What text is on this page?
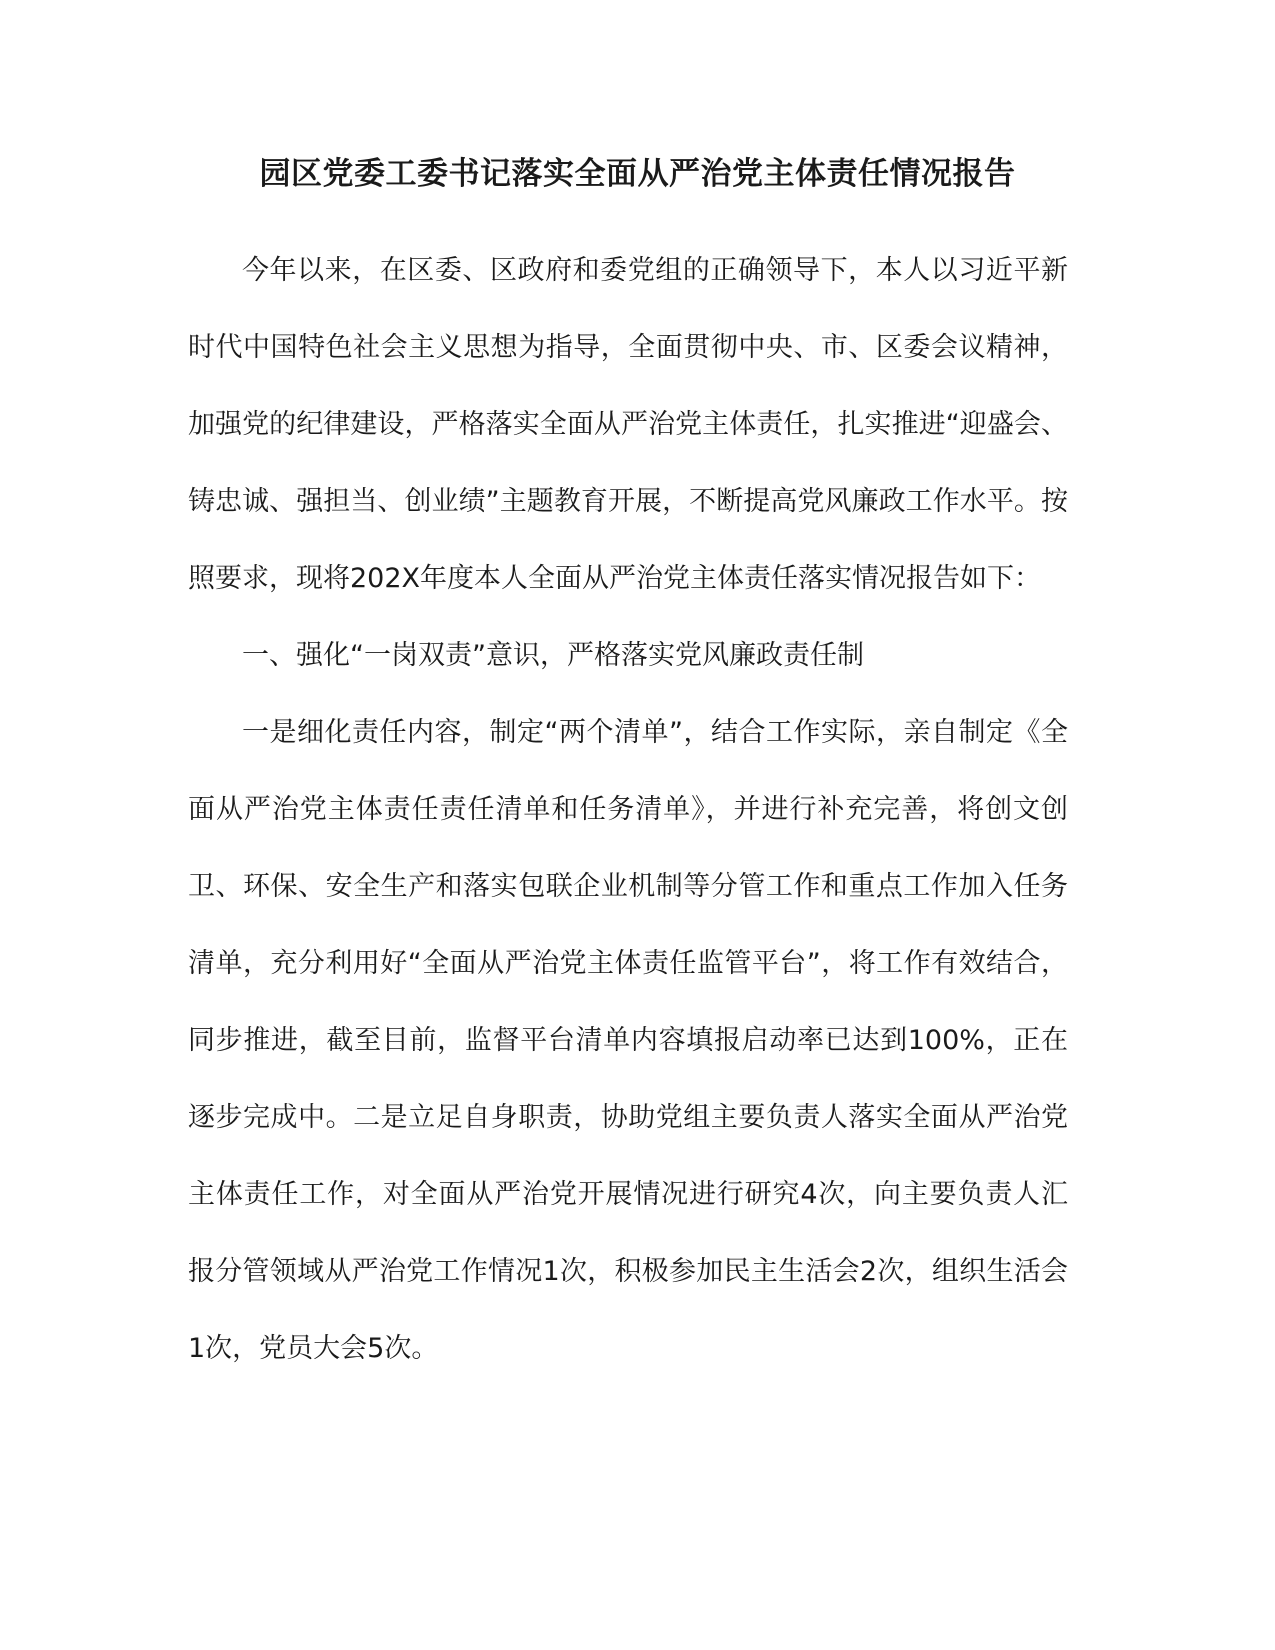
园区党委工委书记落实全面从严治党主体责任情况报告

今年以来，在区委、区政府和委党组的正确领导下，本人以习近平新时代中国特色社会主义思想为指导，全面贯彻中央、市、区委会议精神，加强党的纪律建设，严格落实全面从严治党主体责任，扎实推进“迎盛会、铸忠诚、强担当、创业绩”主题教育开展，不断提高党风廉政工作水平。按照要求，现将202X年度本人全面从严治党主体责任落实情况报告如下：

一、强化“一岗双责”意识，严格落实党风廉政责任制

一是细化责任内容，制定“两个清单”，结合工作实际，亲自制定《全面从严治党主体责任责任清单和任务清单》，并进行补充完善，将创文创卫、环保、安全生产和落实包联企业机制等分管工作和重点工作加入任务清单，充分利用好“全面从严治党主体责任监管平台”，将工作有效结合，同步推进，截至目前，监督平台清单内容填报启动率已达到100%，正在逐步完成中。二是立足自身职责，协助党组主要负责人落实全面从严治党主体责任工作，对全面从严治党开展情况进行研究4次，向主要负责人汇报分管领域从严治党工作情况1次，积极参加民主生活会2次，组织生活会1次，党员大会5次。
